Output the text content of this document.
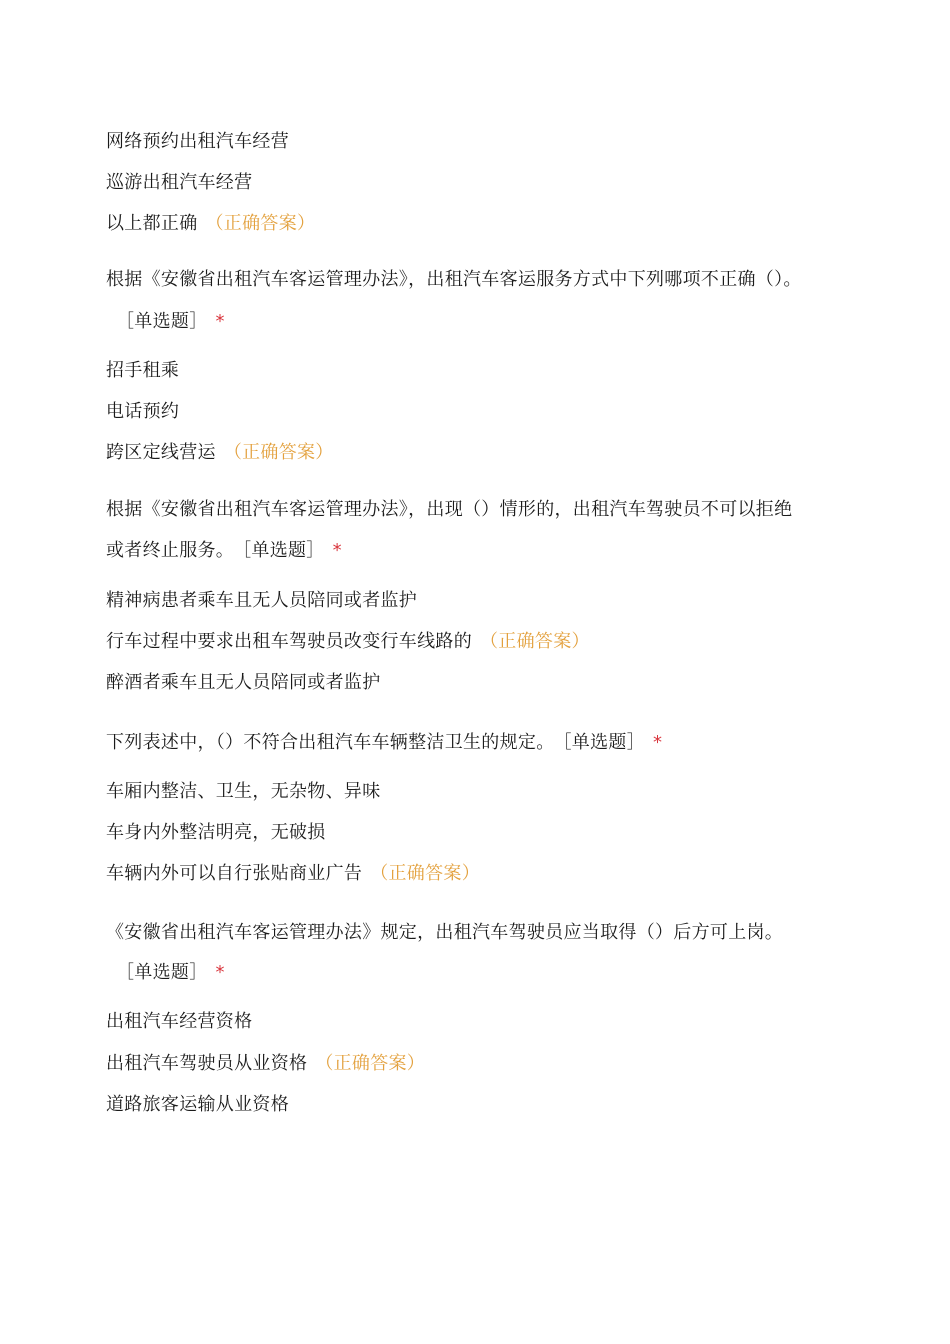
网络预约出租汽车经营
巡游出租汽车经营
以上都正确 （正确答案）
根据《安徽省出租汽车客运管理办法》，出租汽车客运服务方式中下列哪项不正确（）。
［单选题］ *
招手租乘
电话预约
跨区定线营运 （正确答案）
根据《安徽省出租汽车客运管理办法》，出现（）情形的，出租汽车驾驶员不可以拒绝
或者终止服务。 ［单选题］ *
精神病患者乘车且无人员陪同或者监护
行车过程中要求出租车驾驶员改变行车线路的 （正确答案）
醉酒者乘车且无人员陪同或者监护
下列表述中，（）不符合出租汽车车辆整洁卫生的规定。 ［单选题］ *
车厢内整洁、卫生，无杂物、异味
车身内外整洁明亮，无破损
车辆内外可以自行张贴商业广告 （正确答案）
《安徽省出租汽车客运管理办法》规定，出租汽车驾驶员应当取得（）后方可上岗。
［单选题］ *
出租汽车经营资格
出租汽车驾驶员从业资格 （正确答案）
道路旅客运输从业资格
